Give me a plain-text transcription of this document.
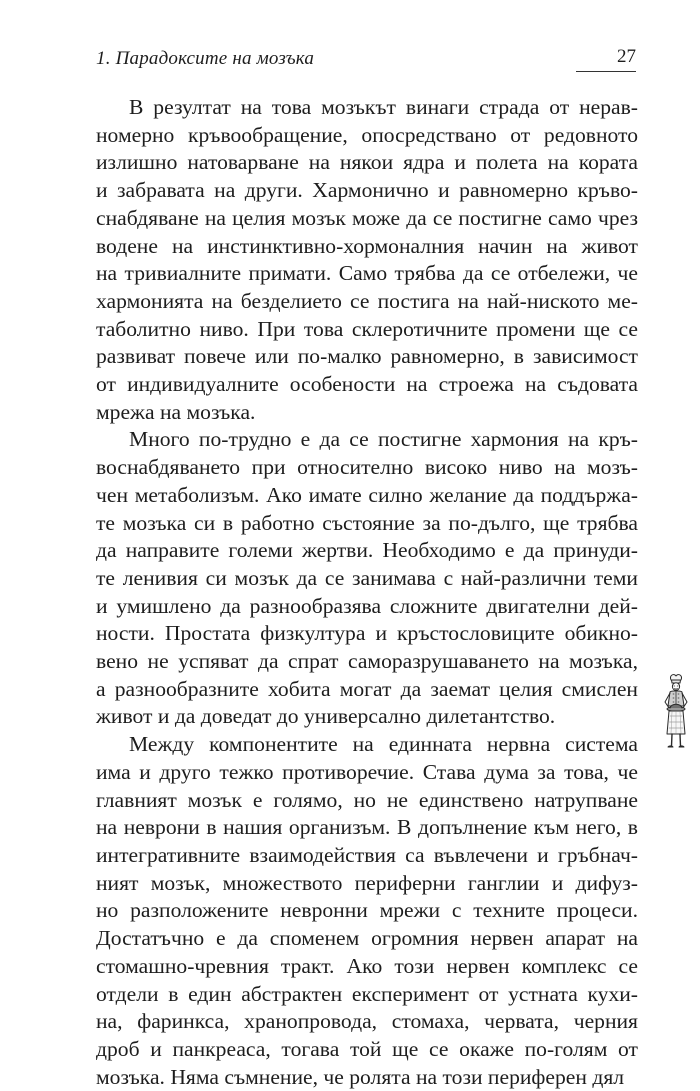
1. Парадоксите на мозъка	27
В резултат на това мозъкът винаги страда от нерав-
номерно кръвообращение, опосредствано от редовното
излишно натоварване на някои ядра и полета на кората
и забравата на други. Хармонично и равномерно кръво-
снабдяване на целия мозък може да се постигне само чрез
водене на инстинктивно-хормоналния начин на живот
на тривиалните примати. Само трябва да се отбележи, че
хармонията на безделието се постига на най-ниското ме-
таболитно ниво. При това склеротичните промени ще се
развиват повече или по-малко равномерно, в зависимост
от индивидуалните особености на строежа на съдовата
мрежа на мозъка.
Много по-трудно е да се постигне хармония на кръ-
воснабдяването при относително високо ниво на мозъ-
чен метаболизъм. Ако имате силно желание да поддържа-
те мозъка си в работно състояние за по-дълго, ще трябва
да направите големи жертви. Необходимо е да принуди-
те ленивия си мозък да се занимава с най-различни теми
и умишлено да разнообразява сложните двигателни дей-
ности. Простата физкултура и кръстословиците обикно-
вено не успяват да спрат саморазрушаването на мозъка,
а разнообразните хобита могат да заемат целия смислен
живот и да доведат до универсално дилетантство.
Между компонентите на единната нервна система
има и друго тежко противоречие. Става дума за това, че
главният мозък е голямо, но не единствено натрупване
на неврони в нашия организъм. В допълнение към него, в
интегративните взаимодействия са въвлечени и гръбнач-
ният мозък, множеството периферни ганглии и дифуз-
но разположените невронни мрежи с техните процеси.
Достатъчно е да споменем огромния нервен апарат на
стомашно-чревния тракт. Ако този нервен комплекс се
отдели в един абстрактен експеримент от устната кухи-
на, фаринкса, хранопровода, стомаха, червата, черния
дроб и панкреаса, тогава той ще се окаже по-голям от
мозъка. Няма съмнение, че ролята на този периферен дял
